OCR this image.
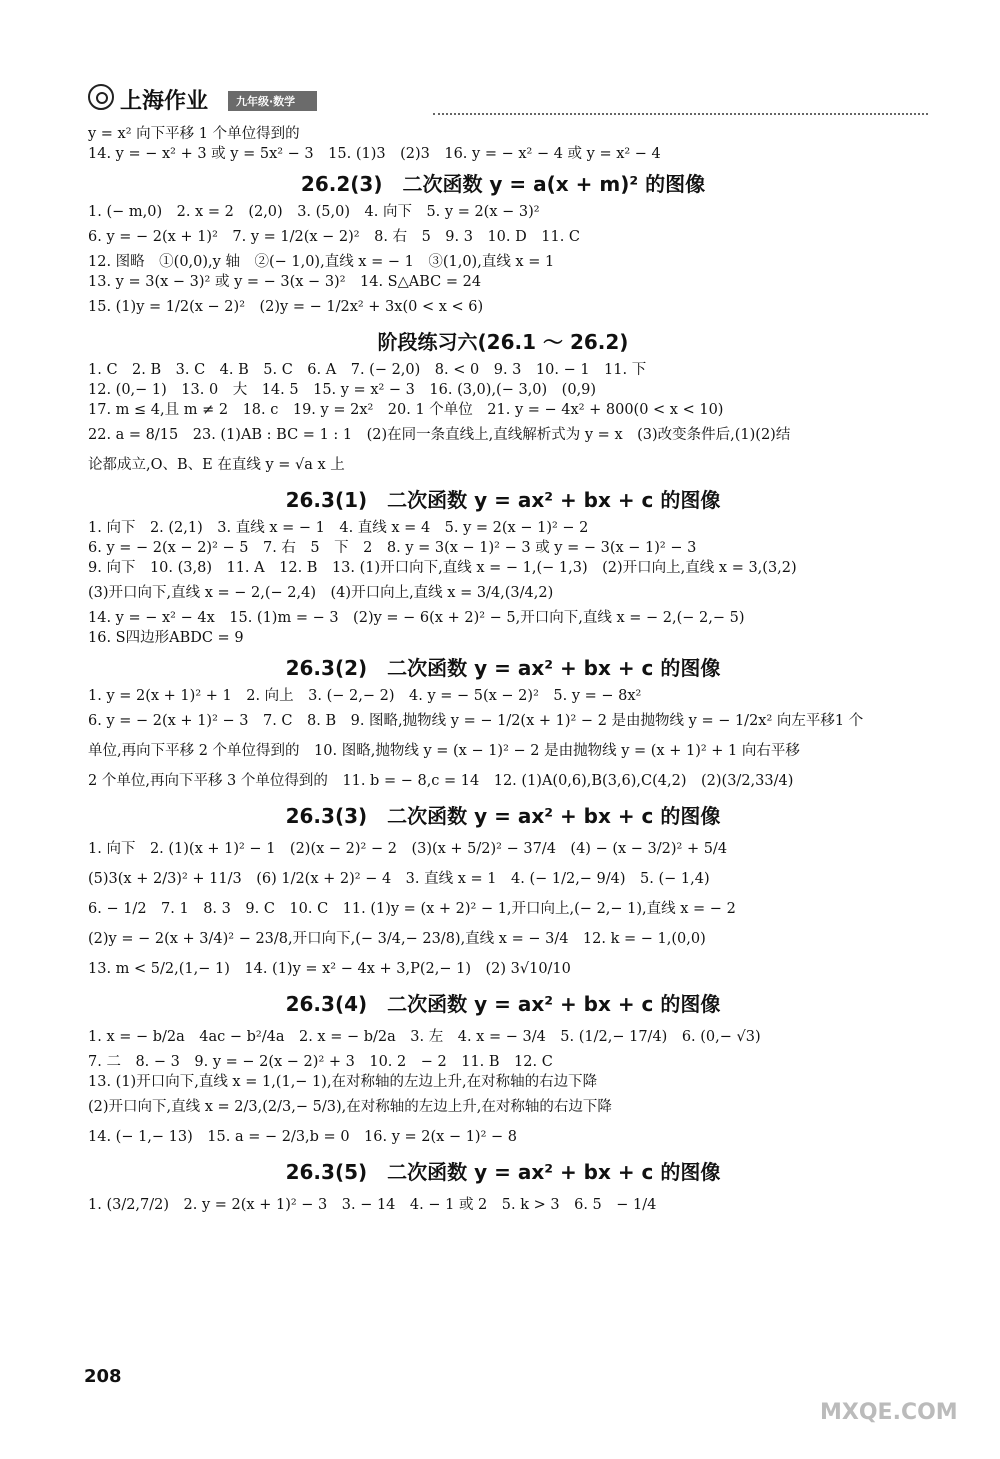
上海作业	九年级·数学

y = x² 向下平移 1 个单位得到的

14. y = − x² + 3 或 y = 5x² − 3　15. (1)3　(2)3　16. y = − x² − 4 或 y = x² − 4

26.2(3)　二次函数 y = a(x + m)² 的图像

1. (− m,0)　2. x = 2　(2,0)　3. (5,0)　4. 向下　5. y = 2(x − 3)²

6. y = − 2(x + 1)²　7. y = 1/2(x − 2)²　8. 右　5　9. 3　10. D　11. C

12. 图略　①(0,0),y 轴　②(− 1,0),直线 x = − 1　③(1,0),直线 x = 1

13. y = 3(x − 3)² 或 y = − 3(x − 3)²　14. S△ABC = 24

15. (1)y = 1/2(x − 2)²　(2)y = − 1/2x² + 3x(0 < x < 6)

阶段练习六(26.1 ～ 26.2)

1. C　2. B　3. C　4. B　5. C　6. A　7. (− 2,0)　8. < 0　9. 3　10. − 1　11. 下

12. (0,− 1)　13. 0　大　14. 5　15. y = x² − 3　16. (3,0),(− 3,0)　(0,9)

17. m ≤ 4,且 m ≠ 2　18. c　19. y = 2x²　20. 1 个单位　21. y = − 4x² + 800(0 < x < 10)

22. a = 8/15　23. (1)AB : BC = 1 : 1　(2)在同一条直线上,直线解析式为 y = x　(3)改变条件后,(1)(2)结

论都成立,O、B、E 在直线 y = √a x 上

26.3(1)　二次函数 y = ax² + bx + c 的图像

1. 向下　2. (2,1)　3. 直线 x = − 1　4. 直线 x = 4　5. y = 2(x − 1)² − 2

6. y = − 2(x − 2)² − 5　7. 右　5　下　2　8. y = 3(x − 1)² − 3 或 y = − 3(x − 1)² − 3

9. 向下　10. (3,8)　11. A　12. B　13. (1)开口向下,直线 x = − 1,(− 1,3)　(2)开口向上,直线 x = 3,(3,2)

(3)开口向下,直线 x = − 2,(− 2,4)　(4)开口向上,直线 x = 3/4,(3/4,2)

14. y = − x² − 4x　15. (1)m = − 3　(2)y = − 6(x + 2)² − 5,开口向下,直线 x = − 2,(− 2,− 5)

16. S四边形ABDC = 9

26.3(2)　二次函数 y = ax² + bx + c 的图像

1. y = 2(x + 1)² + 1　2. 向上　3. (− 2,− 2)　4. y = − 5(x − 2)²　5. y = − 8x²

6. y = − 2(x + 1)² − 3　7. C　8. B　9. 图略,抛物线 y = − 1/2(x + 1)² − 2 是由抛物线 y = − 1/2x² 向左平移1 个

单位,再向下平移 2 个单位得到的　10. 图略,抛物线 y = (x − 1)² − 2 是由抛物线 y = (x + 1)² + 1 向右平移

2 个单位,再向下平移 3 个单位得到的　11. b = − 8,c = 14　12. (1)A(0,6),B(3,6),C(4,2)　(2)(3/2,33/4)

26.3(3)　二次函数 y = ax² + bx + c 的图像

1. 向下　2. (1)(x + 1)² − 1　(2)(x − 2)² − 2　(3)(x + 5/2)² − 37/4　(4) − (x − 3/2)² + 5/4

(5)3(x + 2/3)² + 11/3　(6) 1/2(x + 2)² − 4　3. 直线 x = 1　4. (− 1/2,− 9/4)　5. (− 1,4)

6. − 1/2　7. 1　8. 3　9. C　10. C　11. (1)y = (x + 2)² − 1,开口向上,(− 2,− 1),直线 x = − 2

(2)y = − 2(x + 3/4)² − 23/8,开口向下,(− 3/4,− 23/8),直线 x = − 3/4　12. k = − 1,(0,0)

13. m < 5/2,(1,− 1)　14. (1)y = x² − 4x + 3,P(2,− 1)　(2) 3√10/10

26.3(4)　二次函数 y = ax² + bx + c 的图像

1. x = − b/2a　4ac − b²/4a　2. x = − b/2a　3. 左　4. x = − 3/4　5. (1/2,− 17/4)　6. (0,− √3)

7. 二　8. − 3　9. y = − 2(x − 2)² + 3　10. 2　− 2　11. B　12. C

13. (1)开口向下,直线 x = 1,(1,− 1),在对称轴的左边上升,在对称轴的右边下降

(2)开口向下,直线 x = 2/3,(2/3,− 5/3),在对称轴的左边上升,在对称轴的右边下降

14. (− 1,− 13)　15. a = − 2/3,b = 0　16. y = 2(x − 1)² − 8

26.3(5)　二次函数 y = ax² + bx + c 的图像

1. (3/2,7/2)　2. y = 2(x + 1)² − 3　3. − 14　4. − 1 或 2　5. k > 3　6. 5　− 1/4

208
MXQE.COM
